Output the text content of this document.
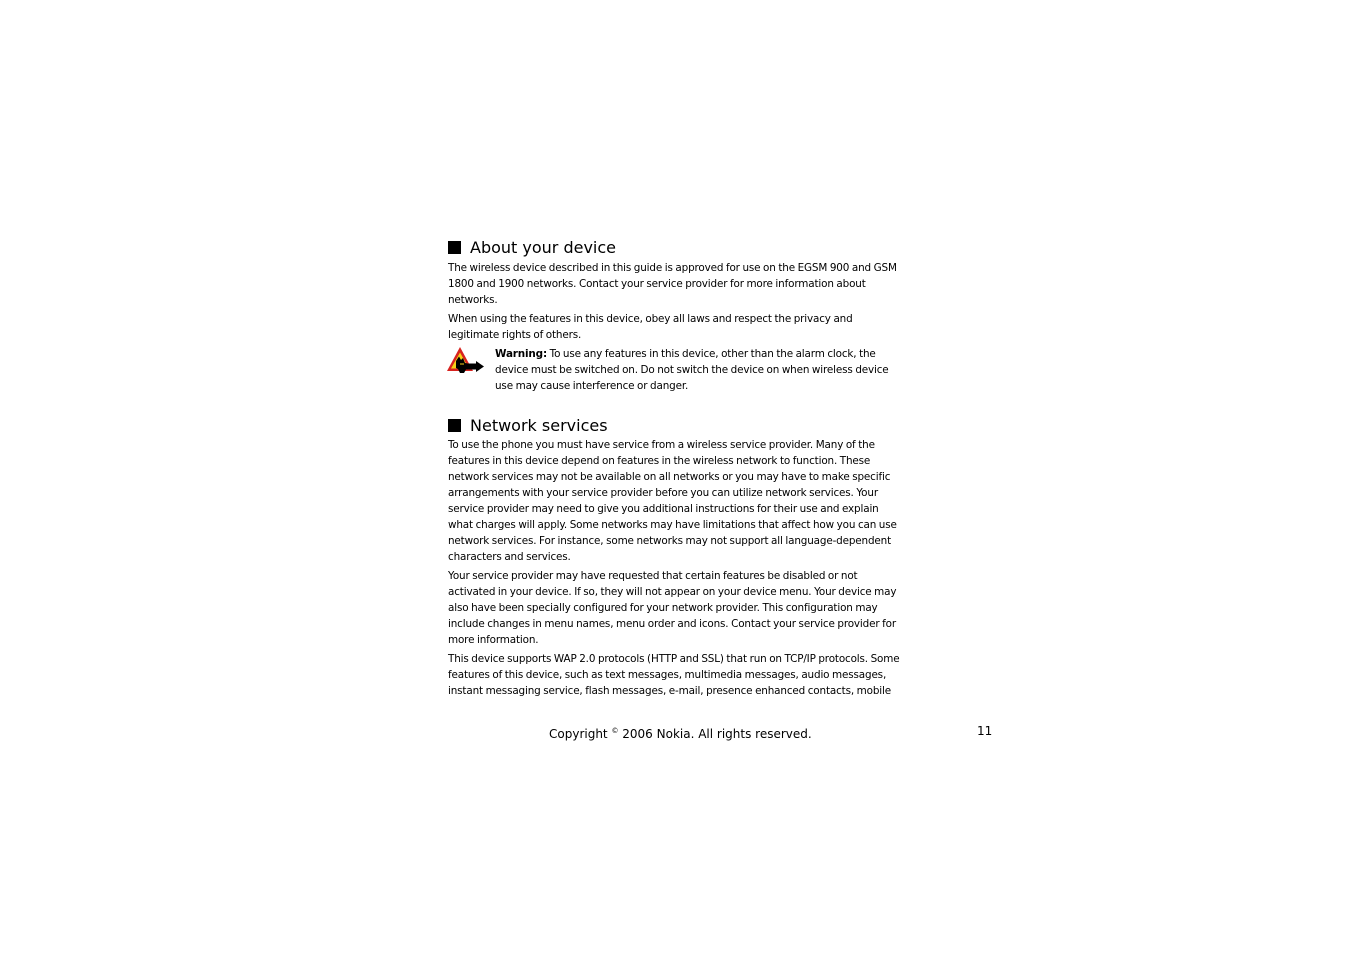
About your device

The wireless device described in this guide is approved for use on the EGSM 900 and GSM 1800 and 1900 networks. Contact your service provider for more information about networks.

When using the features in this device, obey all laws and respect the privacy and legitimate rights of others.

Warning: To use any features in this device, other than the alarm clock, the device must be switched on. Do not switch the device on when wireless device use may cause interference or danger.
Network services

To use the phone you must have service from a wireless service provider. Many of the features in this device depend on features in the wireless network to function. These network services may not be available on all networks or you may have to make specific arrangements with your service provider before you can utilize network services. Your service provider may need to give you additional instructions for their use and explain what charges will apply. Some networks may have limitations that affect how you can use network services. For instance, some networks may not support all language-dependent characters and services.

Your service provider may have requested that certain features be disabled or not activated in your device. If so, they will not appear on your device menu. Your device may also have been specially configured for your network provider. This configuration may include changes in menu names, menu order and icons. Contact your service provider for more information.

This device supports WAP 2.0 protocols (HTTP and SSL) that run on TCP/IP protocols. Some features of this device, such as text messages, multimedia messages, audio messages, instant messaging service, flash messages, e-mail, presence enhanced contacts, mobile

Copyright © 2006 Nokia. All rights reserved.	11
